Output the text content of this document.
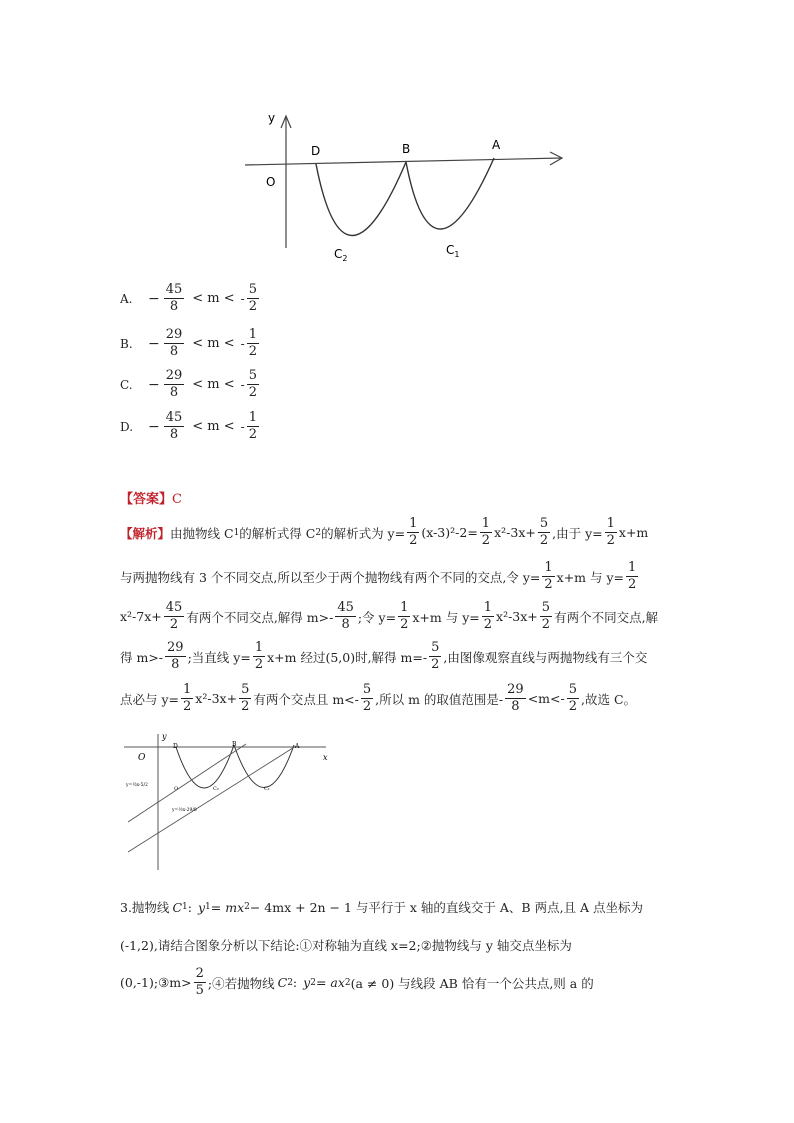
y
O
D	B	A
$C_2$
$C_1$
A.	− $\frac{45}{8} < m$ < - $\frac{5}{2}$
B.	− $\frac{29}{8} < m$ < - $\frac{1}{2}$
C.	− $\frac{29}{8} < m$ < - $\frac{5}{2}$
D.	− $\frac{45}{8} < m$ < - $\frac{1}{2}$
【答案】C
【解析】 由抛物线 C 1 的解析式得 C 2 的解析式为 $y= \frac{1}{2} (x-3)^2-2= \frac{1}{2} x^2-3x+ \frac{5}{2}$ ,由于 $y= \frac{1}{2} x+m$
与两抛物线有 3 个不同交点,所以至少于两个抛物线有两个不同的交点,令 $y= \frac{1}{2} x+m$ 与 $y= \frac{1}{2}$
$x^2-7x+ \frac{45}{2}$ 有两个不同交点,解得 $m>- \frac{45}{8}$ ;令 $y= \frac{1}{2} x+m$ 与 $y= \frac{1}{2} x^2-3x+ \frac{5}{2}$ 有两个不同交点,解
得 $m>- \frac{29}{8}$ ;当直线 $y= \frac{1}{2} x+m$ 经过(5,0)时,解得 $m=- \frac{5}{2}$ ,由图像观察直线与两抛物线有三个交
点必与 $y= \frac{1}{2} x^2-3x+ \frac{5}{2}$ 有两个交点且 $m<- \frac{5}{2}$ ,所以 m 的取值范围是- $\frac{29}{8} <m<- \frac{5}{2}$ ,故选 C。
y
x
O
D	B	A
C₂	C₁
O
y=½x-5/2
y=½x-29/8
3.抛物线 C 1 : y 1 = mx 2 − 4mx + 2n − 1 与平行于 x 轴的直线交于 A、B 两点,且 A 点坐标为
(-1,2),请结合图象分析以下结论:①对称轴为直线 x=2;②抛物线与 y 轴交点坐标为
(0,-1);③m> $\frac{2}{5}$ ;④若抛物线 C 2 : y 2 = ax 2 (a ≠ 0) 与线段 AB 恰有一个公共点,则 a 的
